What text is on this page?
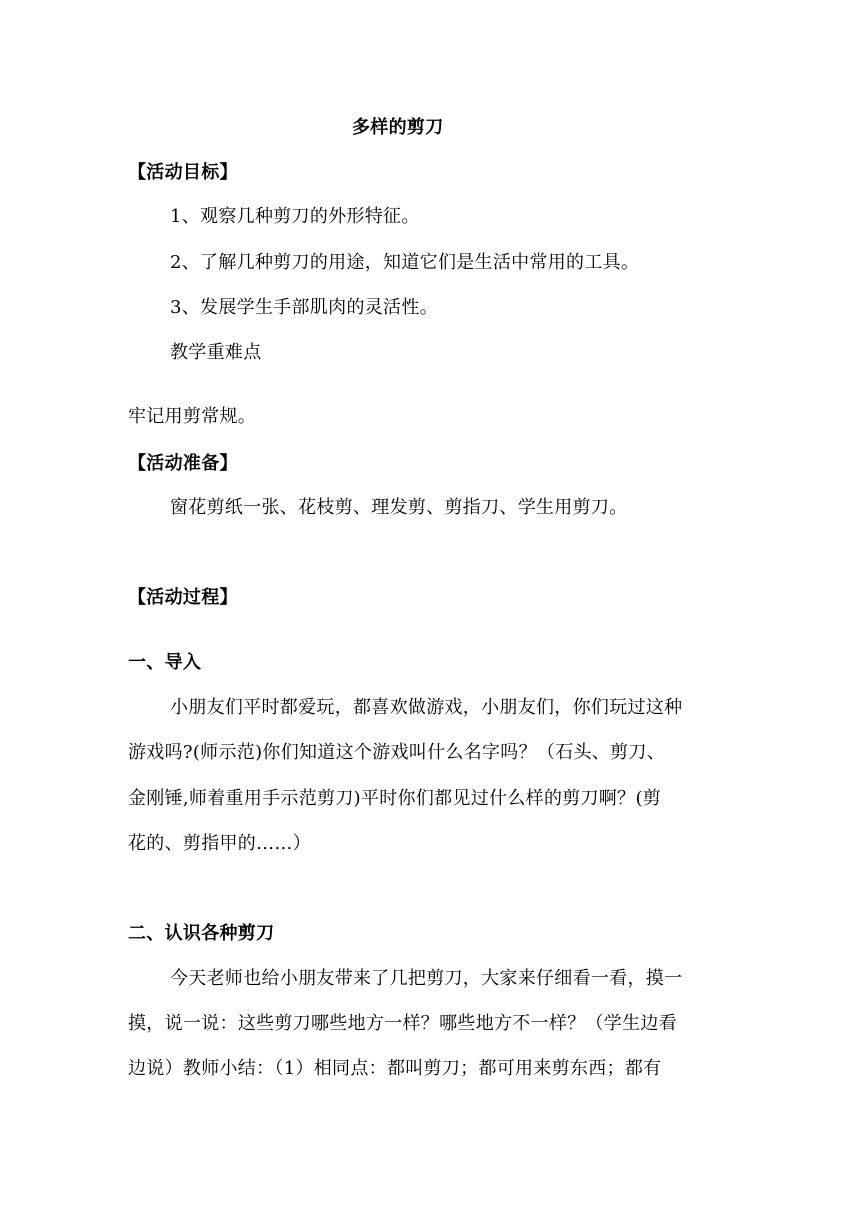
多样的剪刀
【活动目标】
1、观察几种剪刀的外形特征。
2、了解几种剪刀的用途，知道它们是生活中常用的工具。
3、发展学生手部肌肉的灵活性。
教学重难点
牢记用剪常规。
【活动准备】
窗花剪纸一张、花枝剪、理发剪、剪指刀、学生用剪刀。
【活动过程】
一、导入
小朋友们平时都爱玩，都喜欢做游戏，小朋友们，你们玩过这种
游戏吗?(师示范)你们知道这个游戏叫什么名字吗？（石头、剪刀、
金刚锤,师着重用手示范剪刀)平时你们都见过什么样的剪刀啊？(剪
花的、剪指甲的……）
二、认识各种剪刀
今天老师也给小朋友带来了几把剪刀，大家来仔细看一看，摸一
摸，说一说：这些剪刀哪些地方一样？哪些地方不一样？（学生边看
边说）教师小结：（1）相同点：都叫剪刀；都可用来剪东西；都有
